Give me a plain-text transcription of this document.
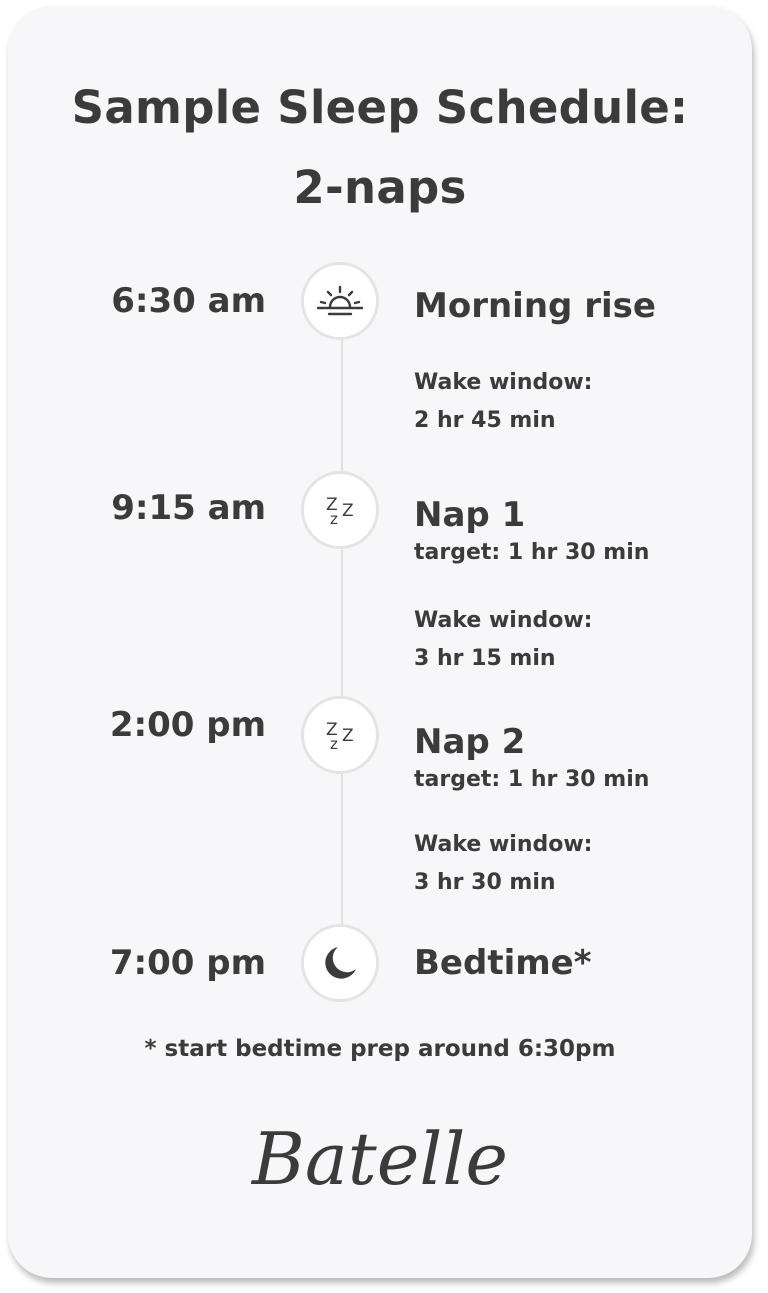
Sample Sleep Schedule:
2-naps
6:30 am	Morning rise
Wake window:
2 hr 45 min
9:15 am	Z Z
z Nap 1
target: 1 hr 30 min
Wake window:
3 hr 15 min
2:00 pm	Z Z
z Nap 2
target: 1 hr 30 min
Wake window:
3 hr 30 min
7:00 pm	Bedtime*
* start bedtime prep around 6:30pm
Batelle
